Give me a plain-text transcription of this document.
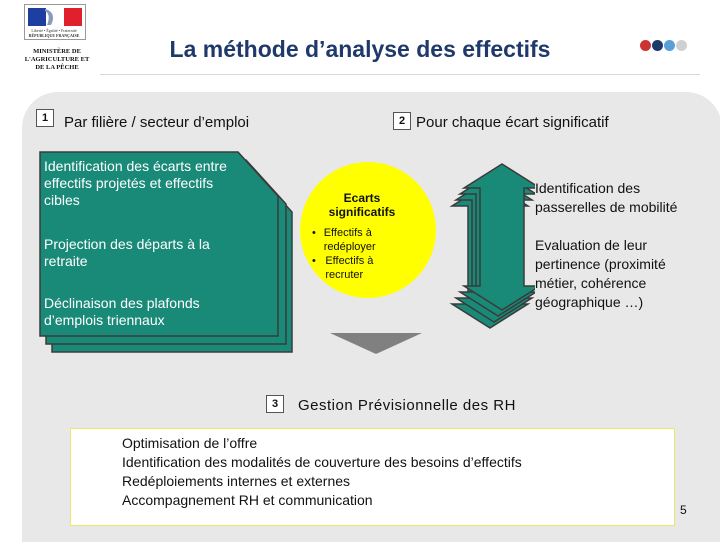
Liberté • Égalité • Fraternité
RÉPUBLIQUE FRANÇAISE
MINISTÈRE DE L'AGRICULTURE ET DE LA PÊCHE
La méthode d’analyse des effectifs
1	Par filière / secteur d’emploi
Identification des écarts entre effectifs projetés et effectifs cibles
Projection des départs à la retraite
Déclinaison des plafonds d’emplois triennaux
2 Pour chaque écart significatif
Ecarts significatifs
• Effectifs à redéployer
• Effectifs à recruter
Identification des passerelles de mobilité
Evaluation de leur pertinence (proximité métier, cohérence géographique …)
3	Gestion Prévisionnelle des RH
Optimisation de l’offre
Identification des modalités de couverture des besoins d’effectifs
Redéploiements internes et externes
Accompagnement RH et communication
5
